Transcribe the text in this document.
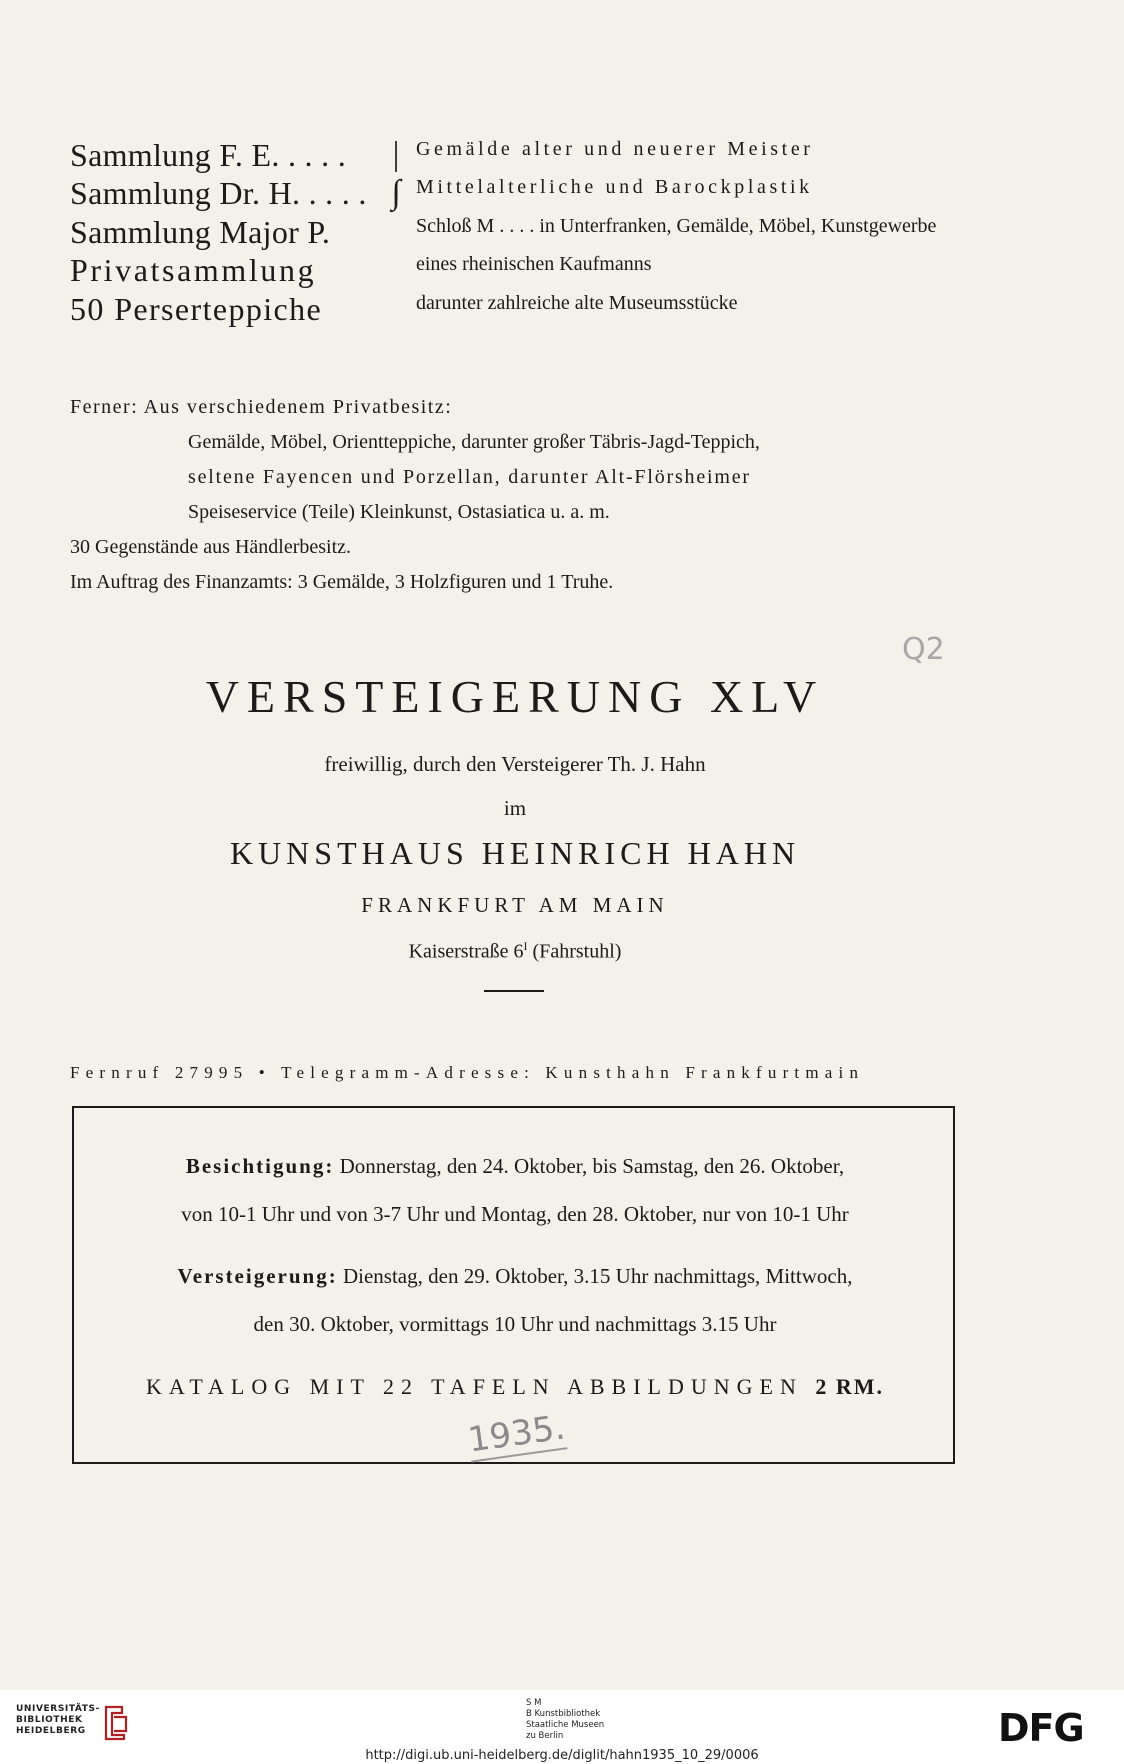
Sammlung F. E. . . . .	| Gemälde alter und neuerer Meister
Sammlung Dr. H. . . . . ∫ Mittelalterliche und Barockplastik
Sammlung Major P.	Schloß M . . . . in Unterfranken, Gemälde, Möbel, Kunstgewerbe
Privatsammlung	eines rheinischen Kaufmanns
50 Perserteppiche	darunter zahlreiche alte Museumsstücke
Ferner: Aus verschiedenem Privatbesitz:
Gemälde, Möbel, Orientteppiche, darunter großer Täbris-Jagd-Teppich,
seltene Fayencen und Porzellan, darunter Alt-Flörsheimer
Speiseservice (Teile) Kleinkunst, Ostasiatica u. a. m.
30 Gegenstände aus Händlerbesitz.
Im Auftrag des Finanzamts: 3 Gemälde, 3 Holzfiguren und 1 Truhe.
VERSTEIGERUNG XLV
freiwillig, durch den Versteigerer Th. J. Hahn
im
KUNSTHAUS HEINRICH HAHN
FRANKFURT AM MAIN
Kaiserstraße $6^I$ (Fahrstuhl)
Fernruf 27995 • Telegramm-Adresse: Kunsthahn Frankfurtmain
Besichtigung: Donnerstag, den 24. Oktober, bis Samstag, den 26. Oktober,
von 10-1 Uhr und von 3-7 Uhr und Montag, den 28. Oktober, nur von 10-1 Uhr
Versteigerung: Dienstag, den 29. Oktober, 3.15 Uhr nachmittags, Mittwoch,
den 30. Oktober, vormittags 10 Uhr und nachmittags 3.15 Uhr
KATALOG MIT 22 TAFELN ABBILDUNGEN 2 RM.
1935.
Q2
UNIVERSITÄTS-
BIBLIOTHEK
HEIDELBERG
S M
B Kunstbibliothek
Staatliche Museen
zu Berlin	DFG
http://digi.ub.uni-heidelberg.de/diglit/hahn1935_10_29/0006
